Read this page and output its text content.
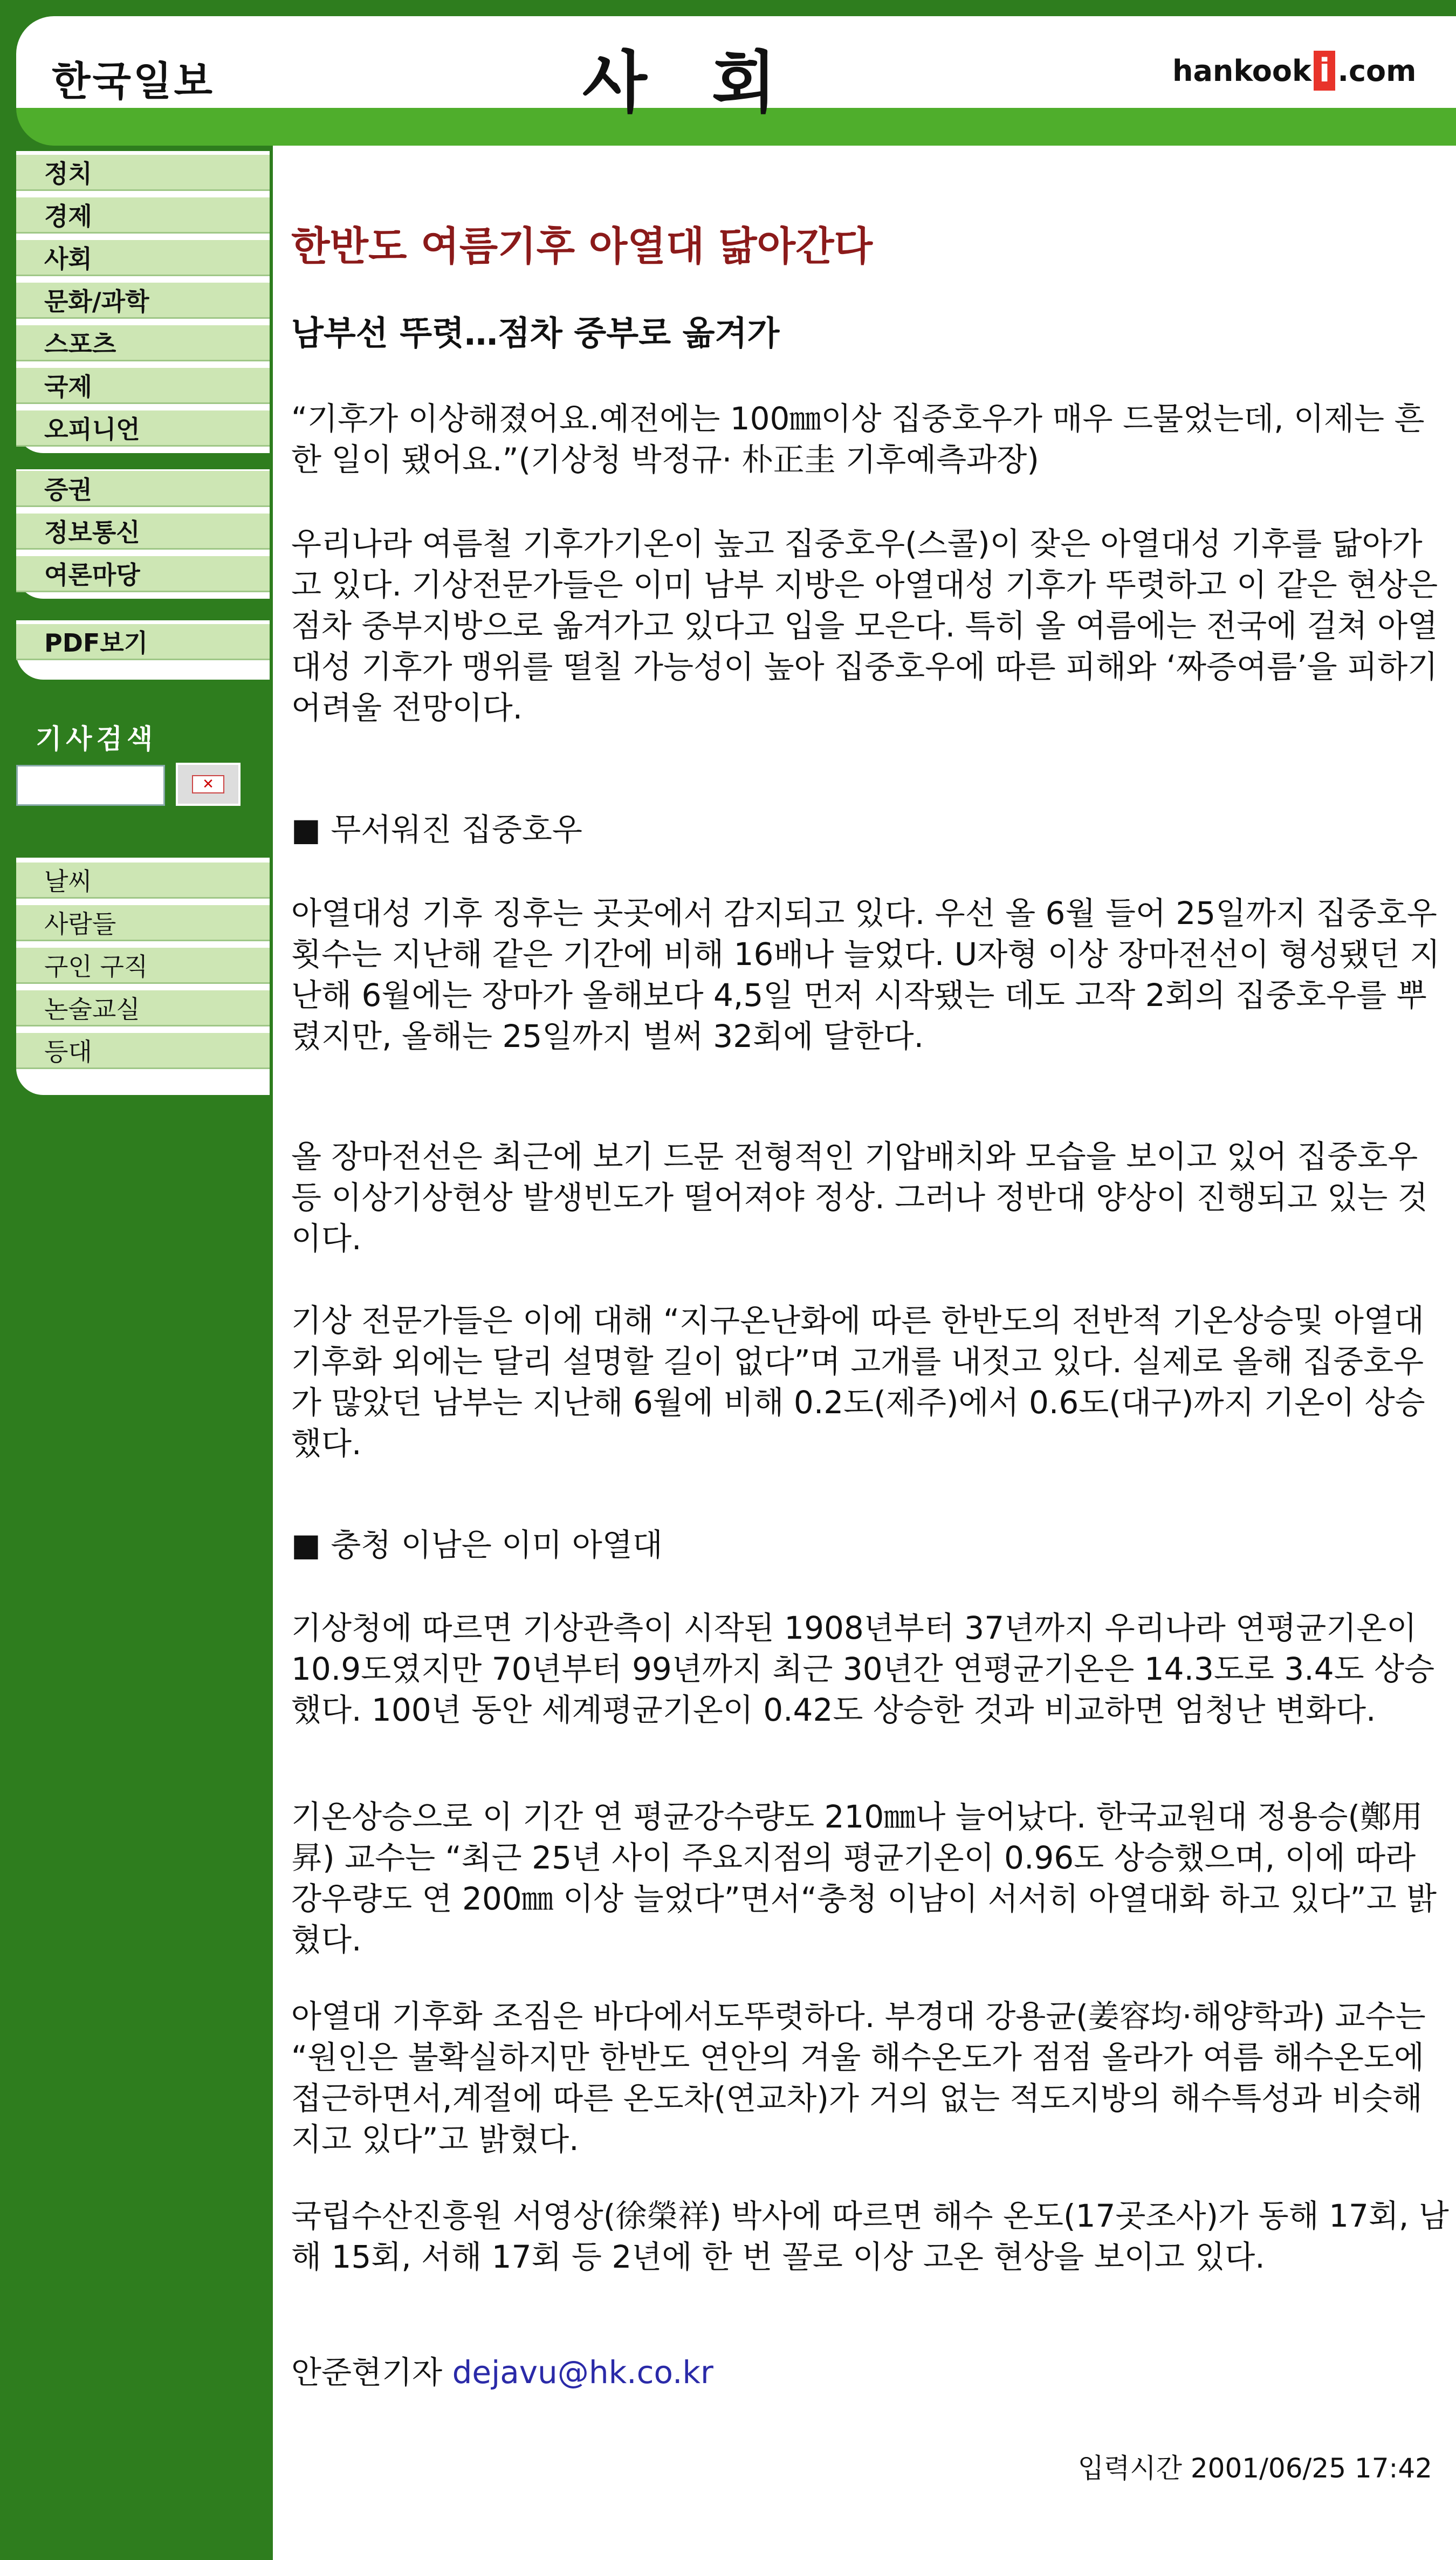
한국일보	사회	hankook i .com
정치
경제
사회
문화/과학
스포츠
국제
오피니언
증권
정보통신
여론마당
PDF보기
기사검색
✕
날씨
사람들
구인 구직
논술교실
등대
한반도 여름기후 아열대 닮아간다
남부선 뚜렷…점차 중부로 옮겨가

“기후가 이상해졌어요.예전에는 100㎜이상 집중호우가 매우 드물었는데, 이제는 흔한 일이 됐어요.”(기상청 박정규· 朴正圭 기후예측과장)

우리나라 여름철 기후가기온이 높고 집중호우(스콜)이 잦은 아열대성 기후를 닮아가고 있다. 기상전문가들은 이미 남부 지방은 아열대성 기후가 뚜렷하고 이 같은 현상은 점차 중부지방으로 옮겨가고 있다고 입을 모은다. 특히 올 여름에는 전국에 걸쳐 아열대성 기후가 맹위를 떨칠 가능성이 높아 집중호우에 따른 피해와 ‘짜증여름’을 피하기 어려울 전망이다.

■ 무서워진 집중호우

아열대성 기후 징후는 곳곳에서 감지되고 있다. 우선 올 6월 들어 25일까지 집중호우 횟수는 지난해 같은 기간에 비해 16배나 늘었다. U자형 이상 장마전선이 형성됐던 지난해 6월에는 장마가 올해보다 4,5일 먼저 시작됐는 데도 고작 2회의 집중호우를 뿌렸지만, 올해는 25일까지 벌써 32회에 달한다.

올 장마전선은 최근에 보기 드문 전형적인 기압배치와 모습을 보이고 있어 집중호우 등 이상기상현상 발생빈도가 떨어져야 정상. 그러나 정반대 양상이 진행되고 있는 것이다.

기상 전문가들은 이에 대해 “지구온난화에 따른 한반도의 전반적 기온상승및 아열대기후화 외에는 달리 설명할 길이 없다”며 고개를 내젓고 있다. 실제로 올해 집중호우가 많았던 남부는 지난해 6월에 비해 0.2도(제주)에서 0.6도(대구)까지 기온이 상승했다.

■ 충청 이남은 이미 아열대

기상청에 따르면 기상관측이 시작된 1908년부터 37년까지 우리나라 연평균기온이 10.9도였지만 70년부터 99년까지 최근 30년간 연평균기온은 14.3도로 3.4도 상승했다. 100년 동안 세계평균기온이 0.42도 상승한 것과 비교하면 엄청난 변화다.

기온상승으로 이 기간 연 평균강수량도 210㎜나 늘어났다. 한국교원대 정용승(鄭用昇) 교수는 “최근 25년 사이 주요지점의 평균기온이 0.96도 상승했으며, 이에 따라 강우량도 연 200㎜ 이상 늘었다”면서“충청 이남이 서서히 아열대화 하고 있다”고 밝혔다.

아열대 기후화 조짐은 바다에서도뚜렷하다. 부경대 강용균(姜容均·해양학과) 교수는 “원인은 불확실하지만 한반도 연안의 겨울 해수온도가 점점 올라가 여름 해수온도에 접근하면서,계절에 따른 온도차(연교차)가 거의 없는 적도지방의 해수특성과 비슷해지고 있다”고 밝혔다.

국립수산진흥원 서영상(徐榮祥) 박사에 따르면 해수 온도(17곳조사)가 동해 17회, 남해 15회, 서해 17회 등 2년에 한 번 꼴로 이상 고온 현상을 보이고 있다.

안준현기자 dejavu@hk.co.kr

입력시간 2001/06/25 17:42
